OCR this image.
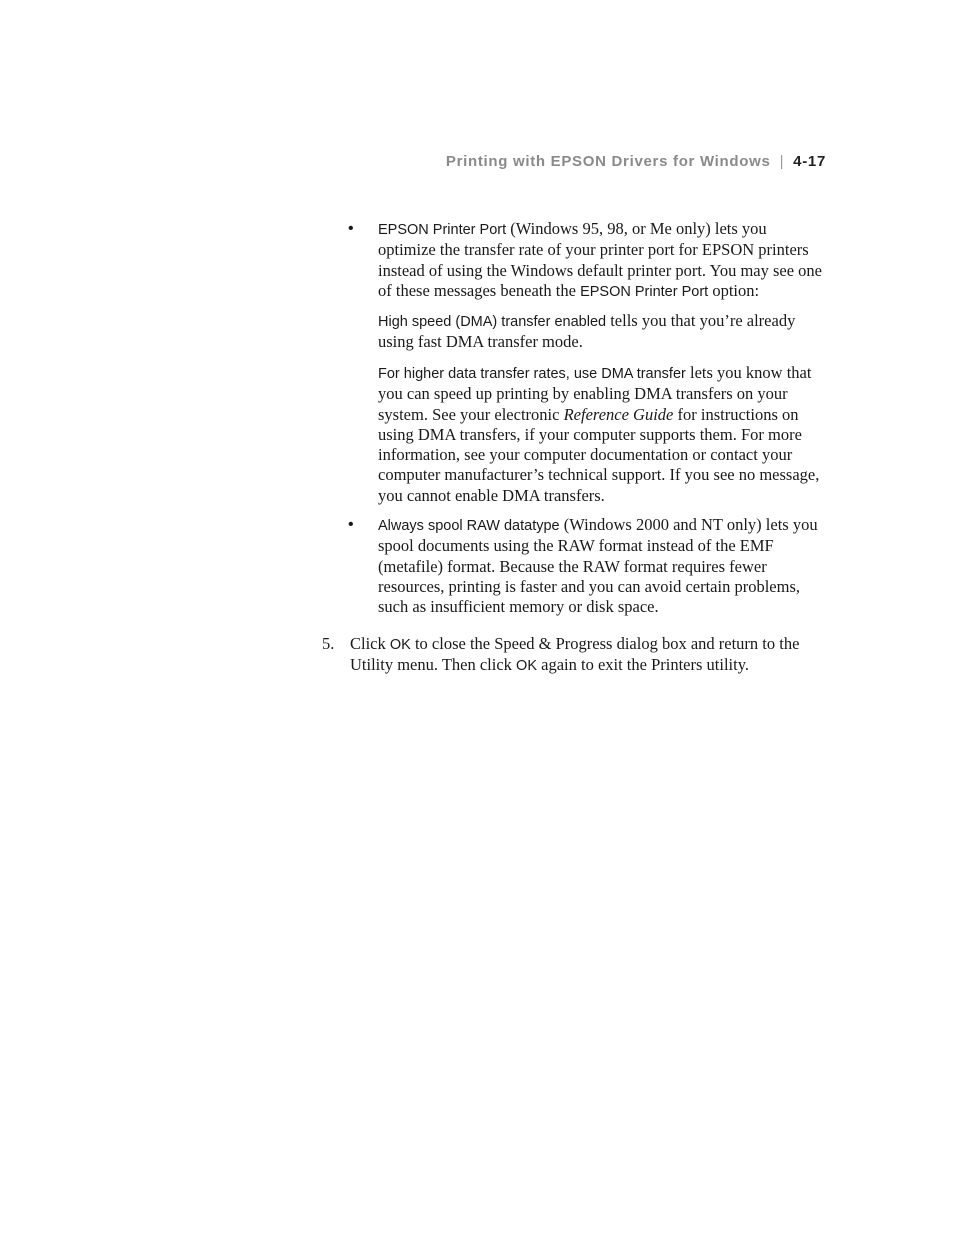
Printing with EPSON Drivers for Windows | 4-17
• EPSON Printer Port (Windows 95, 98, or Me only) lets you optimize the transfer rate of your printer port for EPSON printers instead of using the Windows default printer port. You may see one of these messages beneath the EPSON Printer Port option:

High speed (DMA) transfer enabled tells you that you’re already using fast DMA transfer mode.

For higher data transfer rates, use DMA transfer lets you know that you can speed up printing by enabling DMA transfers on your system. See your electronic Reference Guide for instructions on using DMA transfers, if your computer supports them. For more information, see your computer documentation or contact your computer manufacturer’s technical support. If you see no message, you cannot enable DMA transfers.

• Always spool RAW datatype (Windows 2000 and NT only) lets you spool documents using the RAW format instead of the EMF (metafile) format. Because the RAW format requires fewer resources, printing is faster and you can avoid certain problems, such as insufficient memory or disk space.

5. Click OK to close the Speed & Progress dialog box and return to the Utility menu. Then click OK again to exit the Printers utility.
